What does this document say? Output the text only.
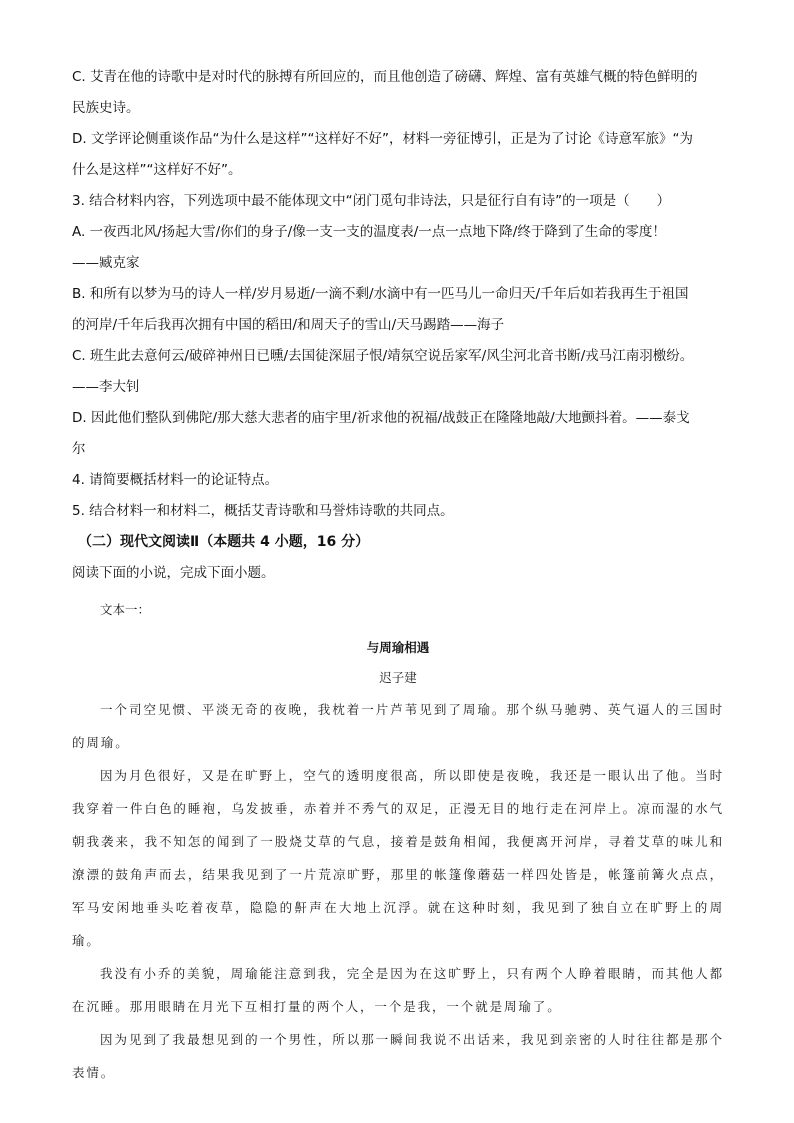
C. 艾青在他的诗歌中是对时代的脉搏有所回应的，而且他创造了磅礴、辉煌、富有英雄气概的特色鲜明的
民族史诗。
D. 文学评论侧重谈作品“为什么是这样”“这样好不好”，材料一旁征博引，正是为了讨论《诗意军旅》“为
什么是这样”“这样好不好”。
3. 结合材料内容，下列选项中最不能体现文中“闭门觅句非诗法，只是征行自有诗”的一项是（　　）
A. 一夜西北风/扬起大雪/你们的身子/像一支一支的温度表/一点一点地下降/终于降到了生命的零度！
——臧克家
B. 和所有以梦为马的诗人一样/岁月易逝/一滴不剩/水滴中有一匹马儿一命归天/千年后如若我再生于祖国
的河岸/千年后我再次拥有中国的稻田/和周天子的雪山/天马踢踏——海子
C. 班生此去意何云/破碎神州日已曛/去国徒深屈子恨/靖氛空说岳家军/风尘河北音书断/戎马江南羽檄纷。
——李大钊
D. 因此他们整队到佛陀/那大慈大悲者的庙宇里/祈求他的祝福/战鼓正在隆隆地敲/大地颤抖着。——泰戈
尔
4. 请简要概括材料一的论证特点。
5. 结合材料一和材料二，概括艾青诗歌和马誉炜诗歌的共同点。
（二）现代文阅读Ⅱ（本题共 4 小题，16 分）
阅读下面的小说，完成下面小题。
文本一：
与周瑜相遇
迟子建
一个司空见惯、平淡无奇的夜晚，我枕着一片芦苇见到了周瑜。那个纵马驰骋、英气逼人的三国时的周瑜。
因为月色很好，又是在旷野上，空气的透明度很高，所以即使是夜晚，我还是一眼认出了他。当时我穿着一件白色的睡袍，乌发披垂，赤着并不秀气的双足，正漫无目的地行走在河岸上。凉而湿的水气朝我袭来，我不知怎的闻到了一股烧艾草的气息，接着是鼓角相闻，我便离开河岸，寻着艾草的味儿和潦漂的鼓角声而去，结果我见到了一片荒凉旷野，那里的帐篷像蘑菇一样四处皆是，帐篷前篝火点点，军马安闲地垂头吃着夜草，隐隐的鼾声在大地上沉浮。就在这种时刻，我见到了独自立在旷野上的周瑜。
我没有小乔的美貌，周瑜能注意到我，完全是因为在这旷野上，只有两个人睁着眼睛，而其他人都在沉睡。那用眼睛在月光下互相打量的两个人，一个是我，一个就是周瑜了。
因为见到了我最想见到的一个男性，所以那一瞬间我说不出话来，我见到亲密的人时往往都是那个表情。
